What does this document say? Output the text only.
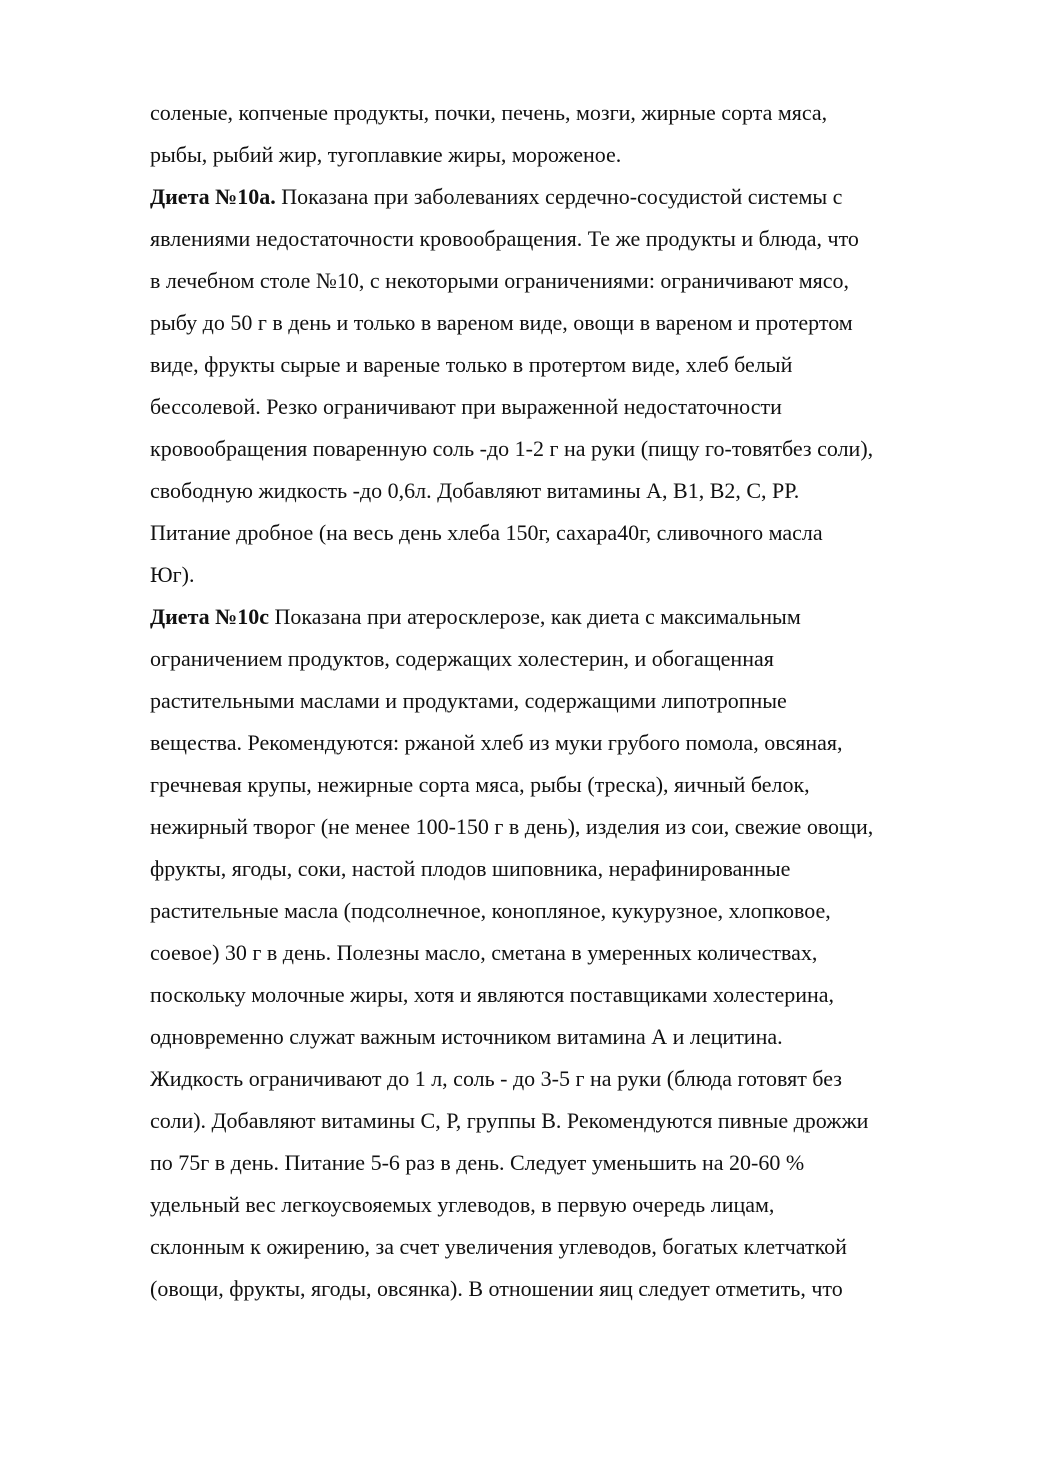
соленые, копченые продукты, почки, печень, мозги, жирные сорта мяса,
рыбы, рыбий жир, тугоплавкие жиры, мороженое.
Диета №10а. Показана при заболеваниях сердечно-сосудистой системы с
явлениями недостаточности кровообращения. Те же продукты и блюда, что
в лечебном столе №10, с некоторыми ограничениями: ограничивают мясо,
рыбу до 50 г в день и только в вареном виде, овощи в вареном и протертом
виде, фрукты сырые и вареные только в протертом виде, хлеб белый
бессолевой. Резко ограничивают при выраженной недостаточности
кровообращения поваренную соль -до 1-2 г на руки (пищу го-товятбез соли),
свободную жидкость -до 0,6л. Добавляют витамины А, В1, В2, С, РР.
Питание дробное (на весь день хлеба 150г, сахара40г, сливочного масла
Юг).
Диета №10с Показана при атеросклерозе, как диета с максимальным
ограничением продуктов, содержащих холестерин, и обогащенная
растительными маслами и продуктами, содержащими липотропные
вещества. Рекомендуются: ржаной хлеб из муки грубого помола, овсяная,
гречневая крупы, нежирные сорта мяса, рыбы (треска), яичный белок,
нежирный творог (не менее 100-150 г в день), изделия из сои, свежие овощи,
фрукты, ягоды, соки, настой плодов шиповника, нерафинированные
растительные масла (подсолнечное, конопляное, кукурузное, хлопковое,
соевое) 30 г в день. Полезны масло, сметана в умеренных количествах,
поскольку молочные жиры, хотя и являются поставщиками холестерина,
одновременно служат важным источником витамина А и лецитина.
Жидкость ограничивают до 1 л, соль - до 3-5 г на руки (блюда готовят без
соли). Добавляют витамины С, Р, группы В. Рекомендуются пивные дрожжи
по 75г в день. Питание 5-6 раз в день. Следует уменьшить на 20-60 %
удельный вес легкоусвояемых углеводов, в первую очередь лицам,
склонным к ожирению, за счет увеличения углеводов, богатых клетчаткой
(овощи, фрукты, ягоды, овсянка). В отношении яиц следует отметить, что
